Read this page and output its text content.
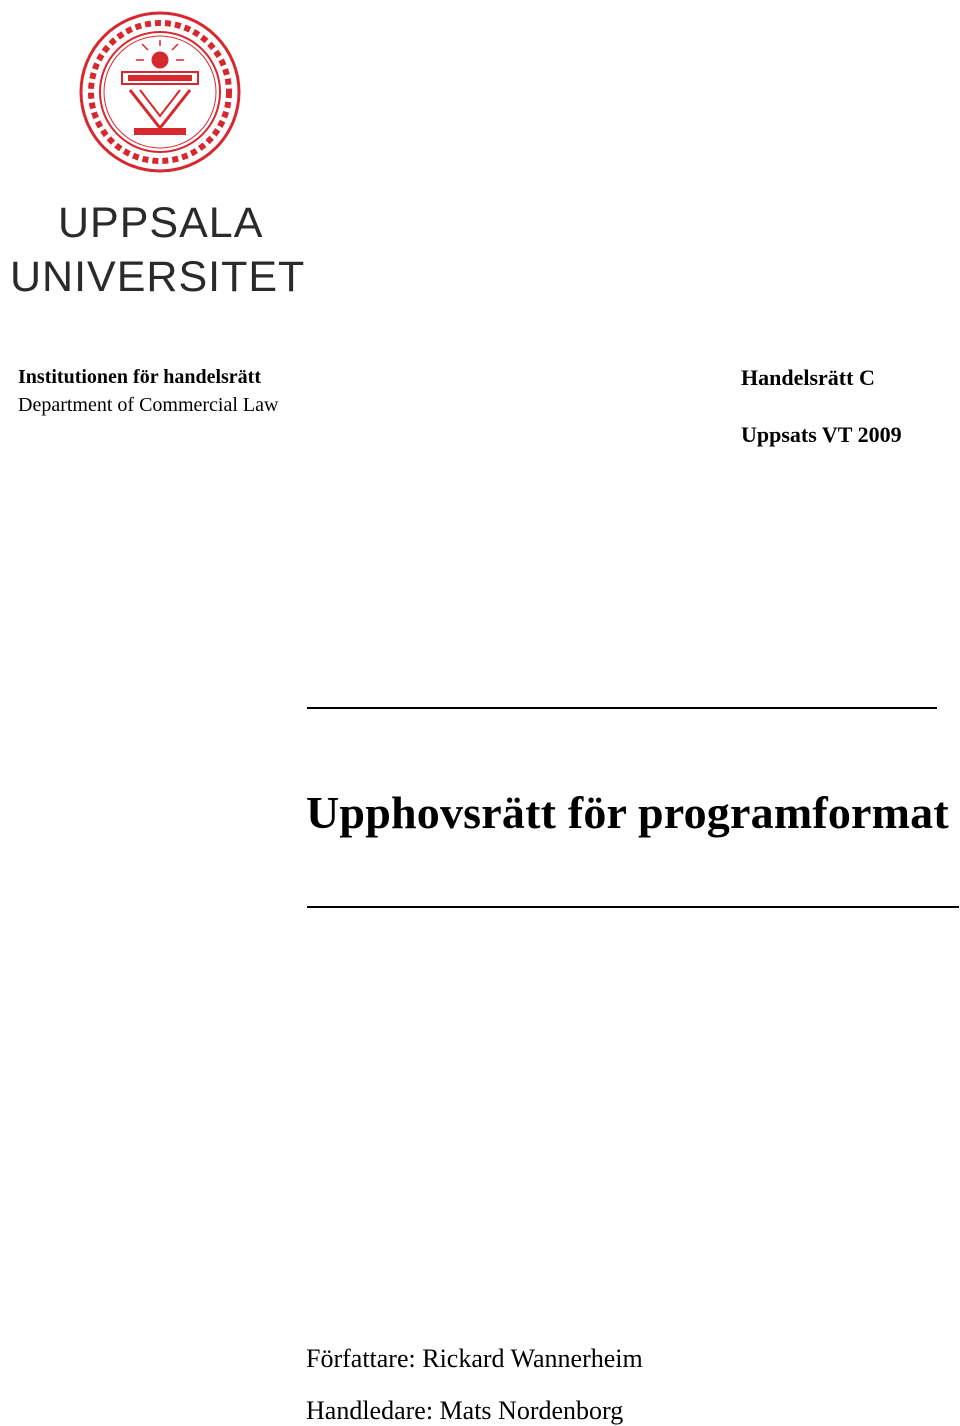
UPPSALA
UNIVERSITET
Institutionen för handelsrätt
Department of Commercial Law
Handelsrätt C
Uppsats VT 2009
Upphovsrätt för programformat
Författare: Rickard Wannerheim
Handledare: Mats Nordenborg
